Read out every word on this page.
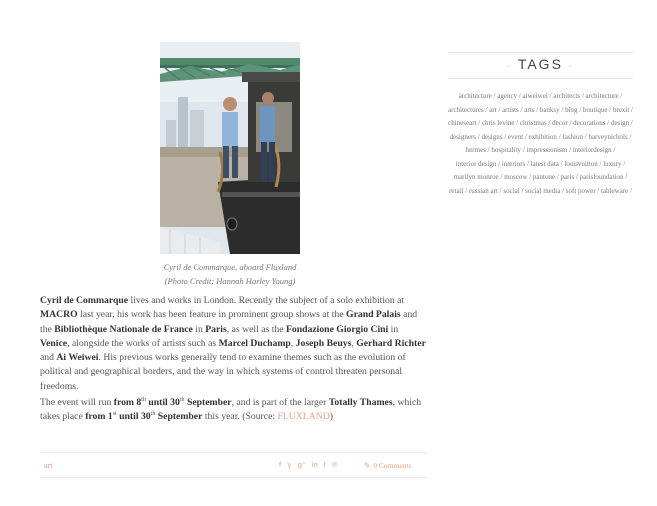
Cyril de Commarque, aboard Fluxland
(Photo Credit: Hannah Harley Young)
Cyril de Commarque lives and works in London. Recently the subject of a solo exhibition at MACRO last year, his work has been feature in prominent group shows at the Grand Palais and the Bibliothèque Nationale de France in Paris, as well as the Fondazione Giorgio Cini in Venice, alongside the works of artists such as Marcel Duchamp, Joseph Beuys, Gerhard Richter and Ai Weiwei. His previous works generally tend to examine themes such as the evolution of political and geographical borders, and the way in which systems of control threaten personal freedoms.
The event will run from 8th until 30th September, and is part of the larger Totally Thames, which takes place from 1st until 30th September this year. (Source: FLUXLAND)
art	f 𝕪 g⁺ in t ℗	✎ 0 Comments
· TAGS ·
architecture / agency / aiweiwei / architects / architecture / architectures / art / artists / arts / banksy / blog / boutique / brexit / chineseart / chris levine / christmas / decor / decorations / design / designers / designs / event / exhibition / fashion / harveynichols / hermes / hospitality / impressionism / interiordesign / interior design / interiors / latest data / louisvuitton / luxury / marilyn monroe / moscow / pantone / paris / parisfoundation / retail / russian art / social / social media / soft power / tableware /
